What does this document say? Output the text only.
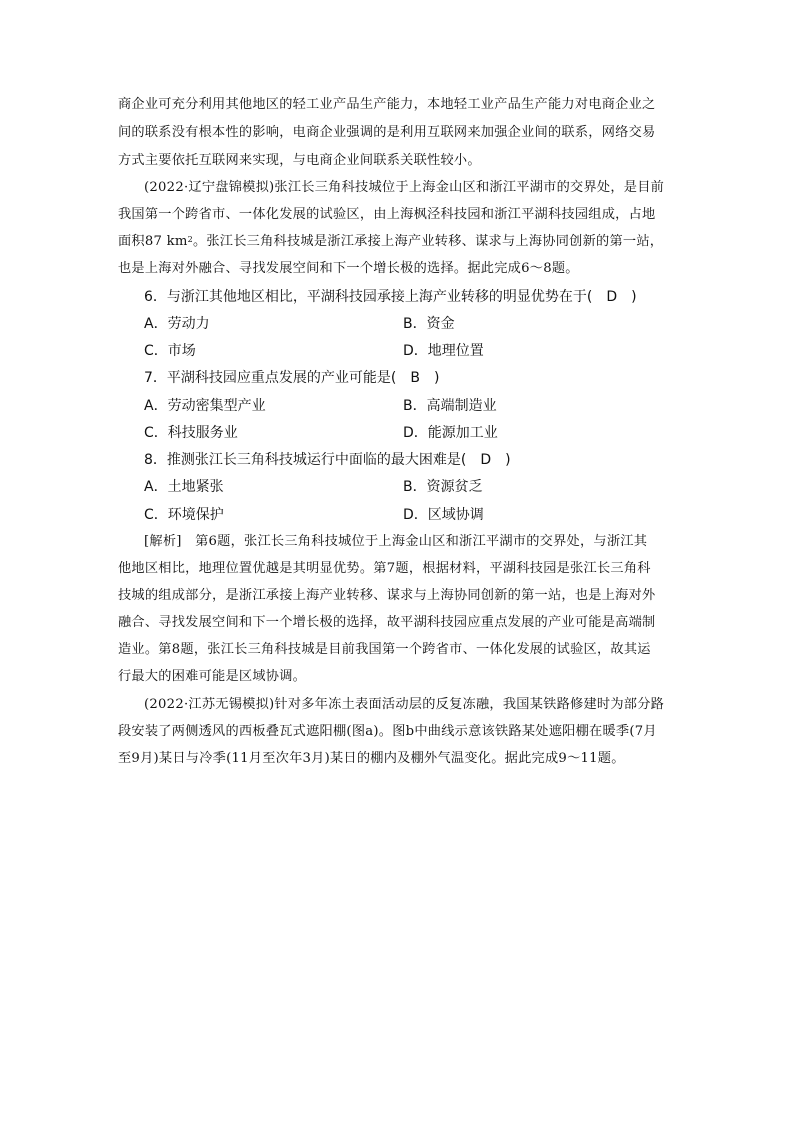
商企业可充分利用其他地区的轻工业产品生产能力，本地轻工业产品生产能力对电商企业之
间的联系没有根本性的影响，电商企业强调的是利用互联网来加强企业间的联系，网络交易
方式主要依托互联网来实现，与电商企业间联系关联性较小。
(2022·辽宁盘锦模拟)张江长三角科技城位于上海金山区和浙江平湖市的交界处，是目前
我国第一个跨省市、一体化发展的试验区，由上海枫泾科技园和浙江平湖科技园组成，占地
面积87 $km^2$。张江长三角科技城是浙江承接上海产业转移、谋求与上海协同创新的第一站，
也是上海对外融合、寻找发展空间和下一个增长极的选择。据此完成6～8题。
6．与浙江其他地区相比，平湖科技园承接上海产业转移的明显优势在于(　D　)
A．劳动力	B．资金
C．市场	D．地理位置
7．平湖科技园应重点发展的产业可能是(　B　)
A．劳动密集型产业	B．高端制造业
C．科技服务业	D．能源加工业
8．推测张江长三角科技城运行中面临的最大困难是(　D　)
A．土地紧张	B．资源贫乏
C．环境保护	D．区域协调
[解析]　第6题，张江长三角科技城位于上海金山区和浙江平湖市的交界处，与浙江其
他地区相比，地理位置优越是其明显优势。第7题，根据材料，平湖科技园是张江长三角科
技城的组成部分，是浙江承接上海产业转移、谋求与上海协同创新的第一站，也是上海对外
融合、寻找发展空间和下一个增长极的选择，故平湖科技园应重点发展的产业可能是高端制
造业。第8题，张江长三角科技城是目前我国第一个跨省市、一体化发展的试验区，故其运
行最大的困难可能是区域协调。
(2022·江苏无锡模拟)针对多年冻土表面活动层的反复冻融，我国某铁路修建时为部分路
段安装了两侧透风的西板叠瓦式遮阳棚(图a)。图b中曲线示意该铁路某处遮阳棚在暖季(7月
至9月)某日与冷季(11月至次年3月)某日的棚内及棚外气温变化。据此完成9～11题。
